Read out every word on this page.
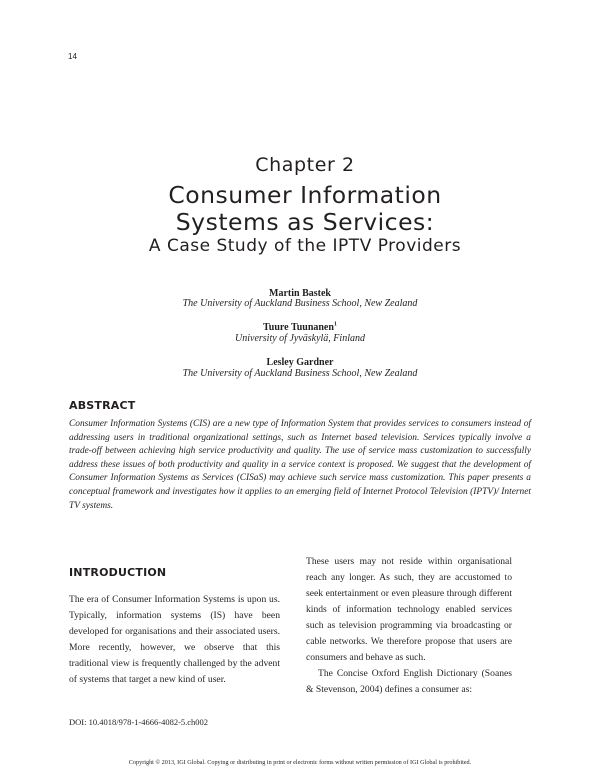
14
Chapter 2
Consumer Information
Systems as Services:
A Case Study of the IPTV Providers
Martin Bastek
The University of Auckland Business School, New Zealand
Tuure Tuunanen$^1$
University of Jyväskylä, Finland
Lesley Gardner
The University of Auckland Business School, New Zealand
ABSTRACT

Consumer Information Systems (CIS) are a new type of Information System that provides services to consumers instead of addressing users in traditional organizational settings, such as Internet based television. Services typically involve a trade-off between achieving high service productivity and quality. The use of service mass customization to successfully address these issues of both productivity and quality in a service context is proposed. We suggest that the development of Consumer Information Systems as Services (CISaS) may achieve such service mass customization. This paper presents a conceptual framework and investigates how it applies to an emerging field of Internet Protocol Television (IPTV)/ Internet TV systems.

INTRODUCTION

The era of Consumer Information Systems is upon us. Typically, information systems (IS) have been developed for organisations and their associated users. More recently, however, we observe that this traditional view is frequently challenged by the advent of systems that target a new kind of user.

These users may not reside within organisational reach any longer. As such, they are accustomed to seek entertainment or even pleasure through different kinds of information technology enabled services such as television programming via broadcasting or cable networks. We therefore propose that users are consumers and behave as such.

The Concise Oxford English Dictionary (Soanes & Stevenson, 2004) defines a consumer as:

DOI: 10.4018/978-1-4666-4082-5.ch002
Copyright © 2013, IGI Global. Copying or distributing in print or electronic forms without written permission of IGI Global is prohibited.
